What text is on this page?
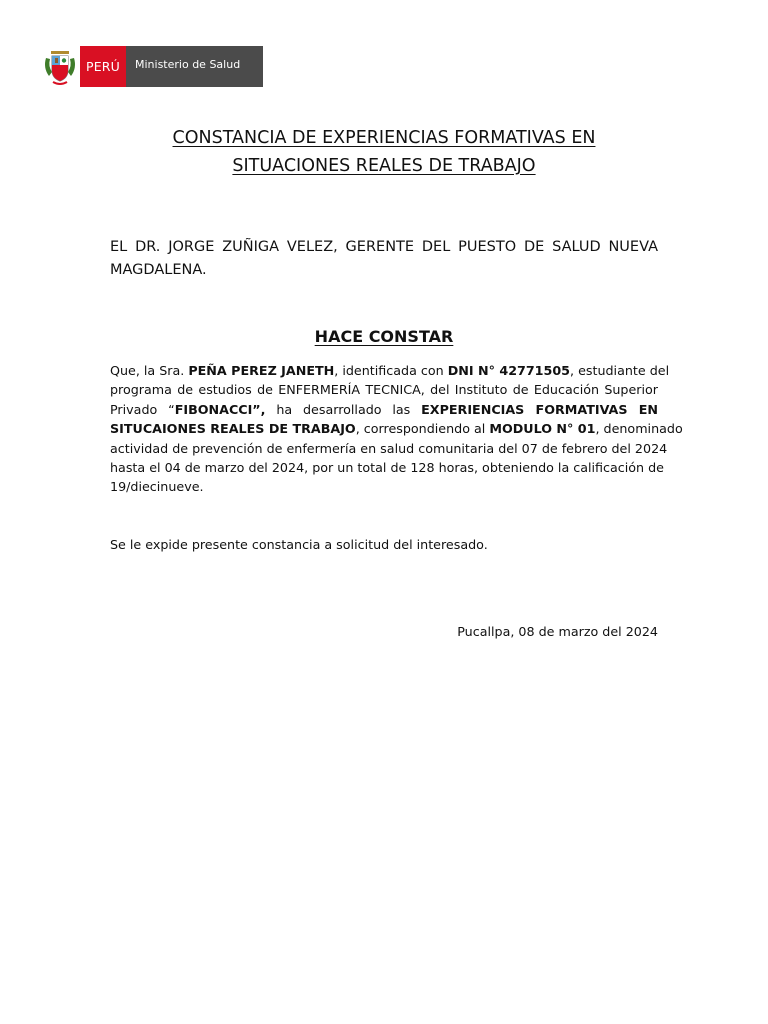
PERÚ	Ministerio de Salud
CONSTANCIA DE EXPERIENCIAS FORMATIVAS EN
SITUACIONES REALES DE TRABAJO
EL DR. JORGE ZUÑIGA VELEZ, GERENTE DEL PUESTO DE SALUD NUEVA
MAGDALENA.
HACE CONSTAR
Que, la Sra. PEÑA PEREZ JANETH, identificada con DNI N° 42771505, estudiante del
programa de estudios de ENFERMERÍA TECNICA, del Instituto de Educación Superior
Privado “FIBONACCI”, ha desarrollado las EXPERIENCIAS FORMATIVAS EN
SITUCAIONES REALES DE TRABAJO, correspondiendo al MODULO N° 01, denominado
actividad de prevención de enfermería en salud comunitaria del 07 de febrero del 2024
hasta el 04 de marzo del 2024, por un total de 128 horas, obteniendo la calificación de
19/diecinueve.
Se le expide presente constancia a solicitud del interesado.
Pucallpa, 08 de marzo del 2024
